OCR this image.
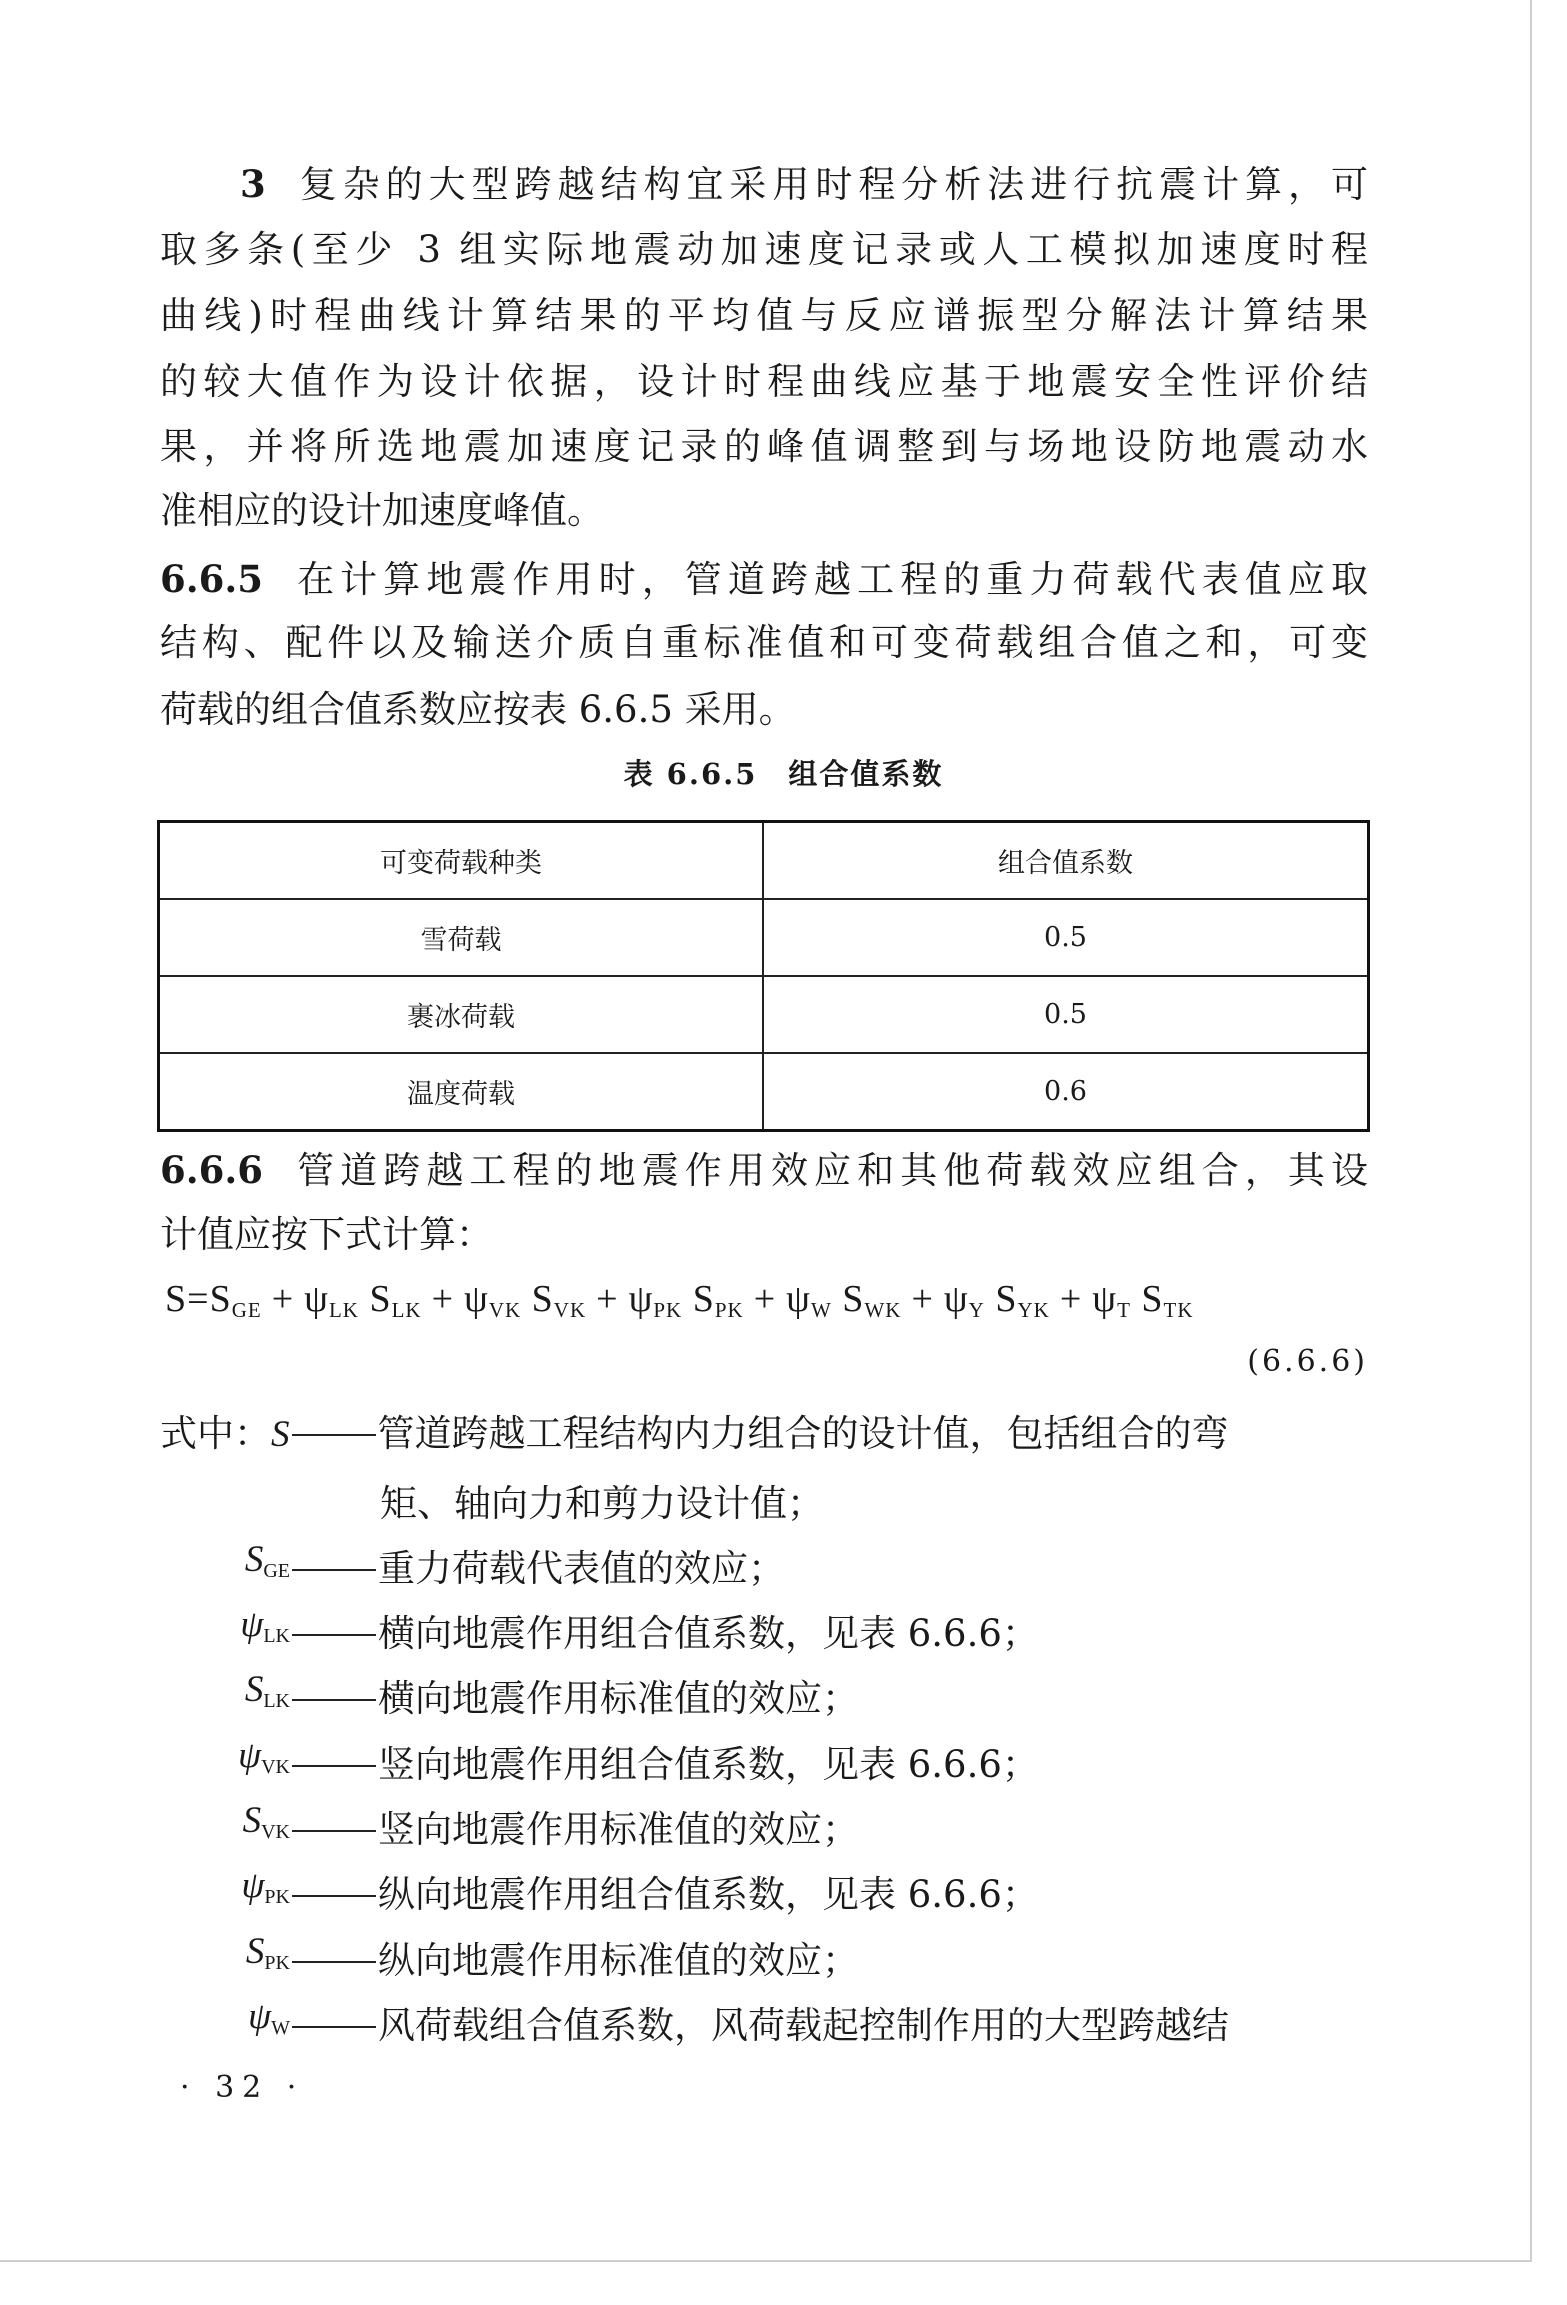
3 复杂的大型跨越结构宜采用时程分析法进行抗震计算，可
取多条(至少 3 组实际地震动加速度记录或人工模拟加速度时程
曲线)时程曲线计算结果的平均值与反应谱振型分解法计算结果
的较大值作为设计依据，设计时程曲线应基于地震安全性评价结
果，并将所选地震加速度记录的峰值调整到与场地设防地震动水
准相应的设计加速度峰值。
6.6.5 在计算地震作用时，管道跨越工程的重力荷载代表值应取
结构、配件以及输送介质自重标准值和可变荷载组合值之和，可变
荷载的组合值系数应按表 6.6.5 采用。
表 6.6.5　组合值系数
可变荷载种类	组合值系数
雪荷载	0.5
裹冰荷载	0.5
温度荷载	0.6
6.6.6 管道跨越工程的地震作用效应和其他荷载效应组合，其设
计值应按下式计算：
$S=S_{GE} + \psi_{LK}$ $S_{LK} + \psi_{VK}$ $S_{VK} + \psi_{PK}$ $S_{PK} + \psi_W$ $S_{WK} + \psi_Y$ $S_{YK} + \psi_T$ $S_{TK}$
(6.6.6)
式中：S 管道跨越工程结构内力组合的设计值，包括组合的弯
矩、轴向力和剪力设计值；
$S_{GE}$	重力荷载代表值的效应；
$\psi_{LK}$	横向地震作用组合值系数，见表 6.6.6；
$S_{LK}$	横向地震作用标准值的效应；
$\psi_{VK}$	竖向地震作用组合值系数，见表 6.6.6；
$S_{VK}$	竖向地震作用标准值的效应；
$\psi_{PK}$	纵向地震作用组合值系数，见表 6.6.6；
$S_{PK}$	纵向地震作用标准值的效应；
$\psi_W$	风荷载组合值系数，风荷载起控制作用的大型跨越结
· 32 ·
